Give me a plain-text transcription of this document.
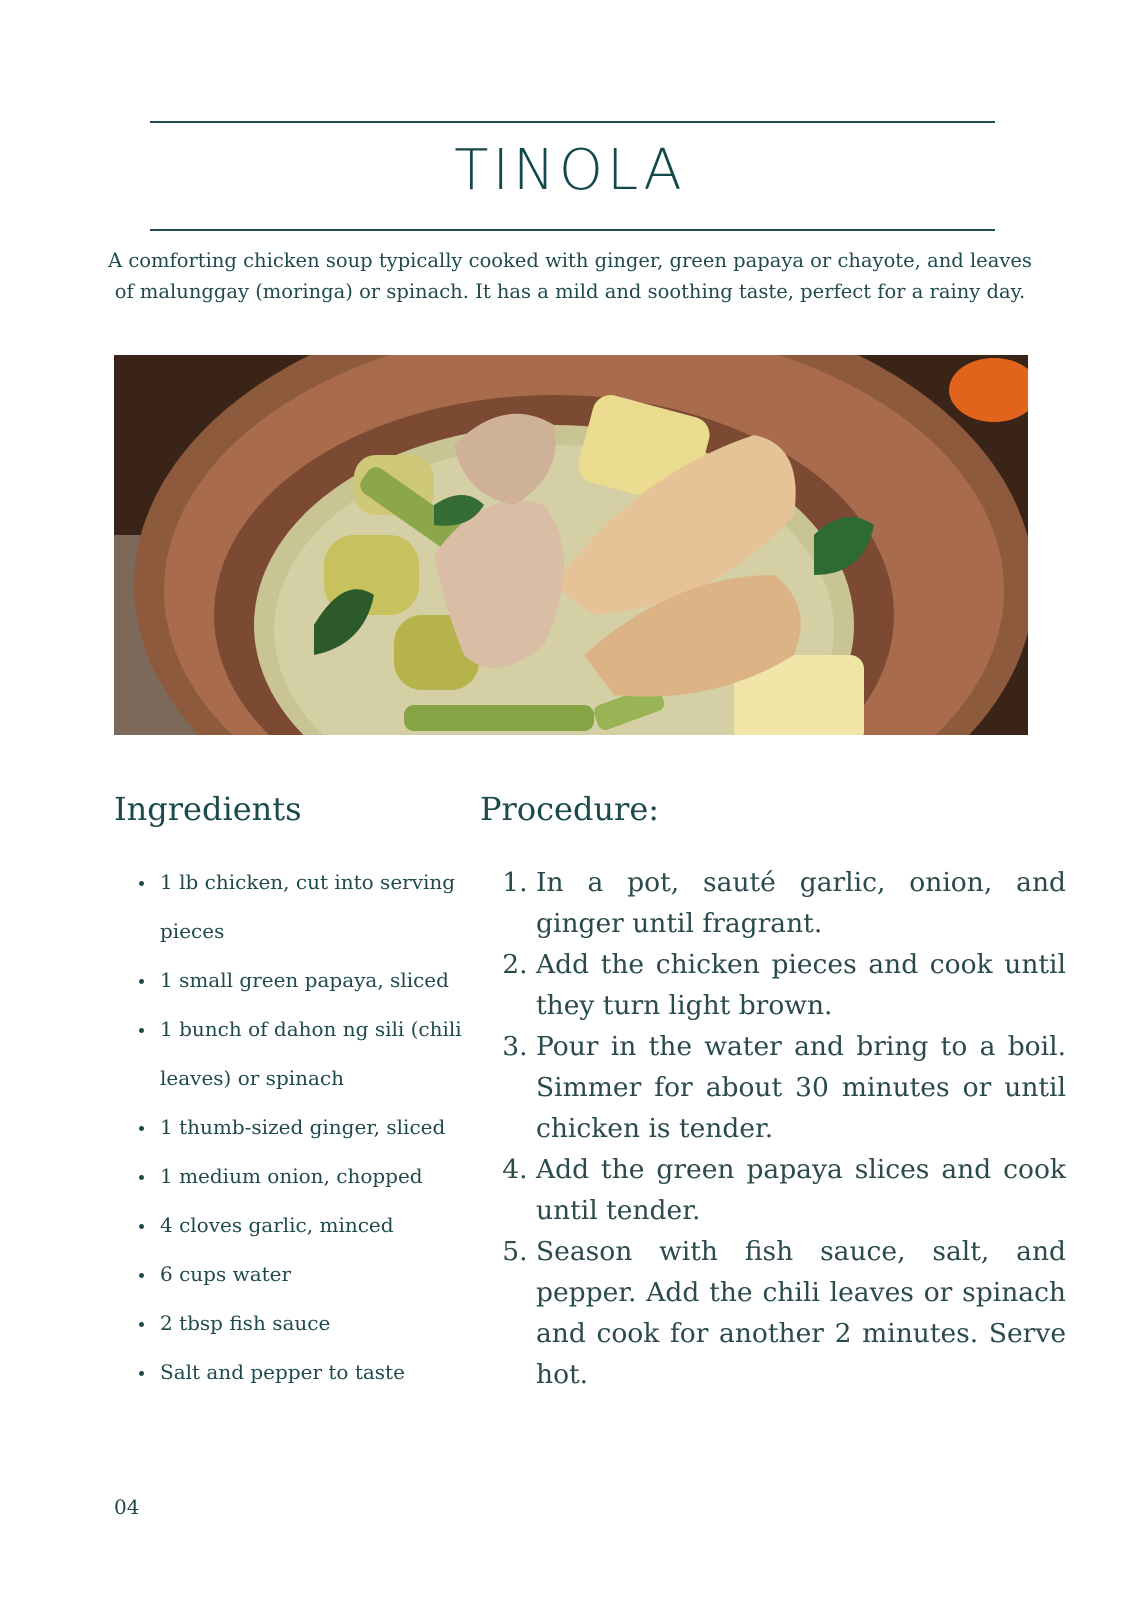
TINOLA
A comforting chicken soup typically cooked with ginger, green papaya or chayote, and leaves of malunggay (moringa) or spinach. It has a mild and soothing taste, perfect for a rainy day.
Ingredients	Procedure:
• 1 lb chicken, cut into serving pieces
• 1 small green papaya, sliced
• 1 bunch of dahon ng sili (chili leaves) or spinach
• 1 thumb-sized ginger, sliced
• 1 medium onion, chopped
• 4 cloves garlic, minced
• 6 cups water
• 2 tbsp fish sauce
• Salt and pepper to taste
1. In a pot, sauté garlic, onion, and ginger until fragrant.
2. Add the chicken pieces and cook until they turn light brown.
3. Pour in the water and bring to a boil. Simmer for about 30 minutes or until chicken is tender.
4. Add the green papaya slices and cook until tender.
5. Season with fish sauce, salt, and pepper. Add the chili leaves or spinach and cook for another 2 minutes. Serve hot.
04
